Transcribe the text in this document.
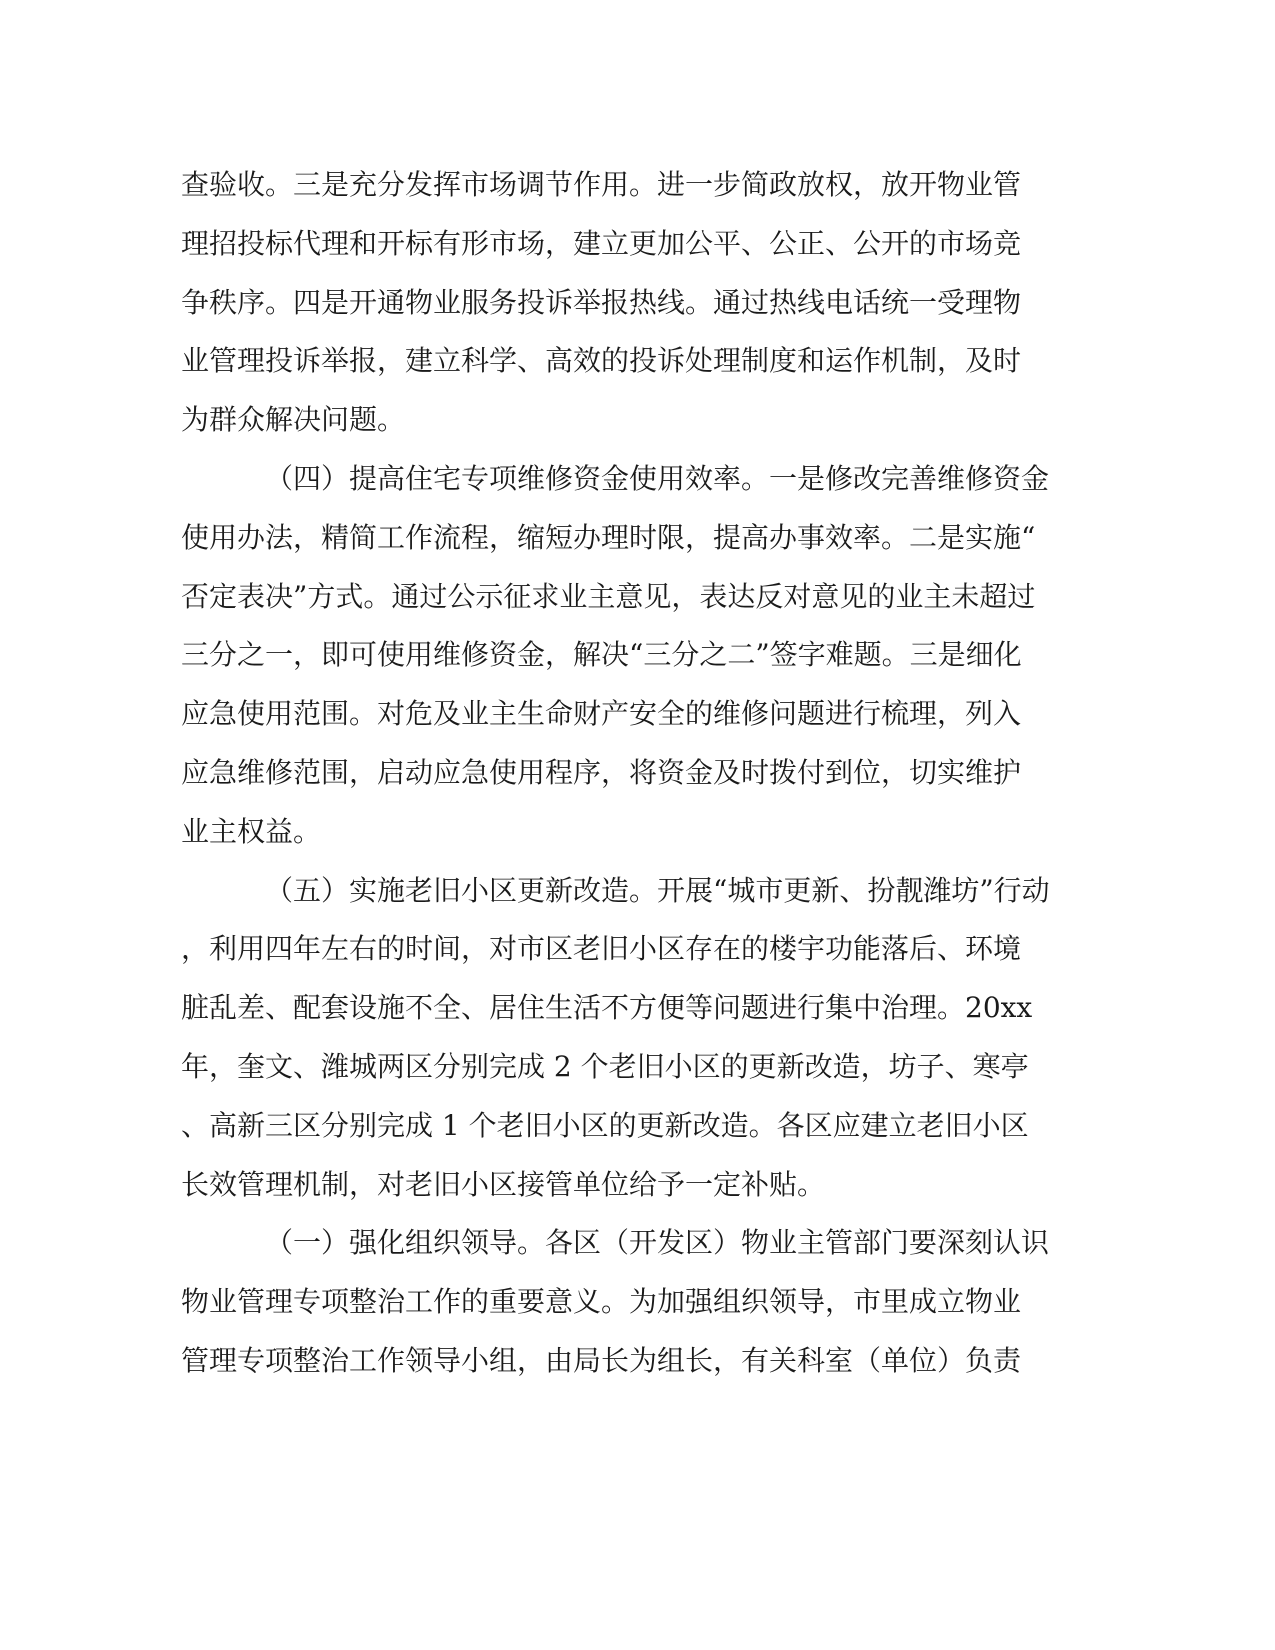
查验收。三是充分发挥市场调节作用。进一步简政放权，放开物业管
理招投标代理和开标有形市场，建立更加公平、公正、公开的市场竞
争秩序。四是开通物业服务投诉举报热线。通过热线电话统一受理物
业管理投诉举报，建立科学、高效的投诉处理制度和运作机制，及时
为群众解决问题。
（四）提高住宅专项维修资金使用效率。一是修改完善维修资金
使用办法，精简工作流程，缩短办理时限，提高办事效率。二是实施“
否定表决”方式。通过公示征求业主意见，表达反对意见的业主未超过
三分之一，即可使用维修资金，解决“三分之二”签字难题。三是细化
应急使用范围。对危及业主生命财产安全的维修问题进行梳理，列入
应急维修范围，启动应急使用程序，将资金及时拨付到位，切实维护
业主权益。
（五）实施老旧小区更新改造。开展“城市更新、扮靓潍坊”行动
，利用四年左右的时间，对市区老旧小区存在的楼宇功能落后、环境
脏乱差、配套设施不全、居住生活不方便等问题进行集中治理。20xx
年，奎文、潍城两区分别完成 2 个老旧小区的更新改造，坊子、寒亭
、高新三区分别完成 1 个老旧小区的更新改造。各区应建立老旧小区
长效管理机制，对老旧小区接管单位给予一定补贴。
（一）强化组织领导。各区（开发区）物业主管部门要深刻认识
物业管理专项整治工作的重要意义。为加强组织领导，市里成立物业
管理专项整治工作领导小组，由局长为组长，有关科室（单位）负责
